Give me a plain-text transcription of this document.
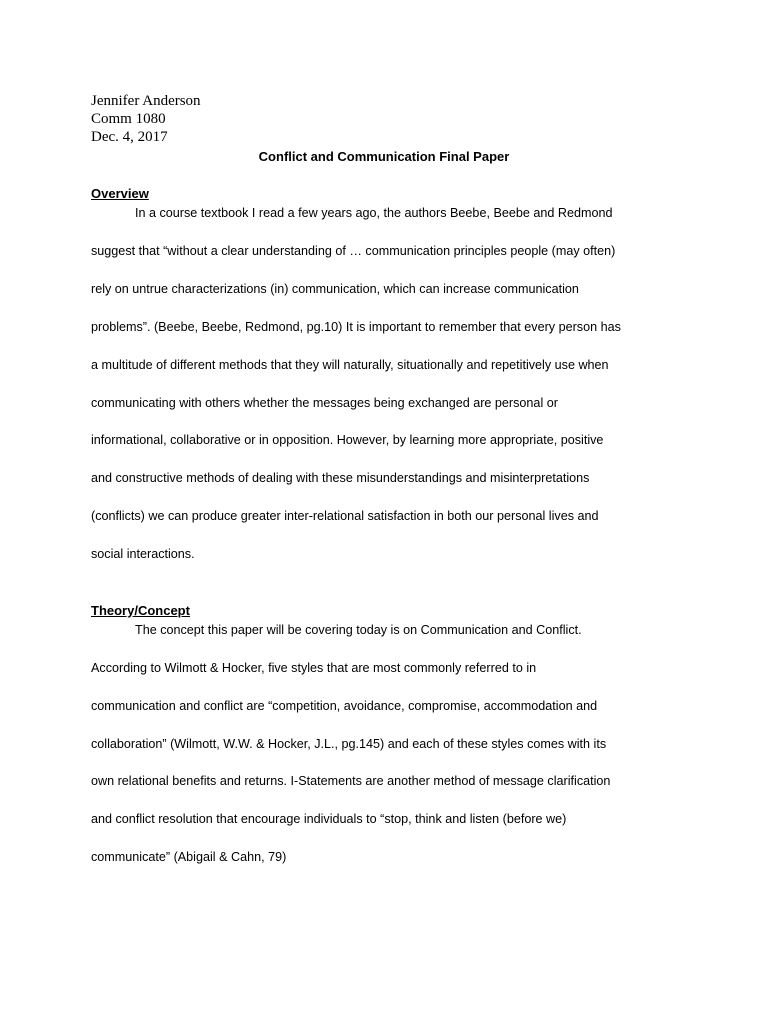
Jennifer Anderson
Comm 1080
Dec. 4, 2017
Conflict and Communication Final Paper
Overview
In a course textbook I read a few years ago, the authors Beebe, Beebe and Redmond
suggest that “without a clear understanding of … communication principles people (may often)
rely on untrue characterizations (in) communication, which can increase communication
problems”. (Beebe, Beebe, Redmond, pg.10) It is important to remember that every person has
a multitude of different methods that they will naturally, situationally and repetitively use when
communicating with others whether the messages being exchanged are personal or
informational, collaborative or in opposition. However, by learning more appropriate, positive
and constructive methods of dealing with these misunderstandings and misinterpretations
(conflicts) we can produce greater inter-relational satisfaction in both our personal lives and
social interactions.
Theory/Concept
The concept this paper will be covering today is on Communication and Conflict.
According to Wilmott & Hocker, five styles that are most commonly referred to in
communication and conflict are “competition, avoidance, compromise, accommodation and
collaboration” (Wilmott, W.W. & Hocker, J.L., pg.145) and each of these styles comes with its
own relational benefits and returns. I-Statements are another method of message clarification
and conflict resolution that encourage individuals to “stop, think and listen (before we)
communicate” (Abigail & Cahn, 79)
